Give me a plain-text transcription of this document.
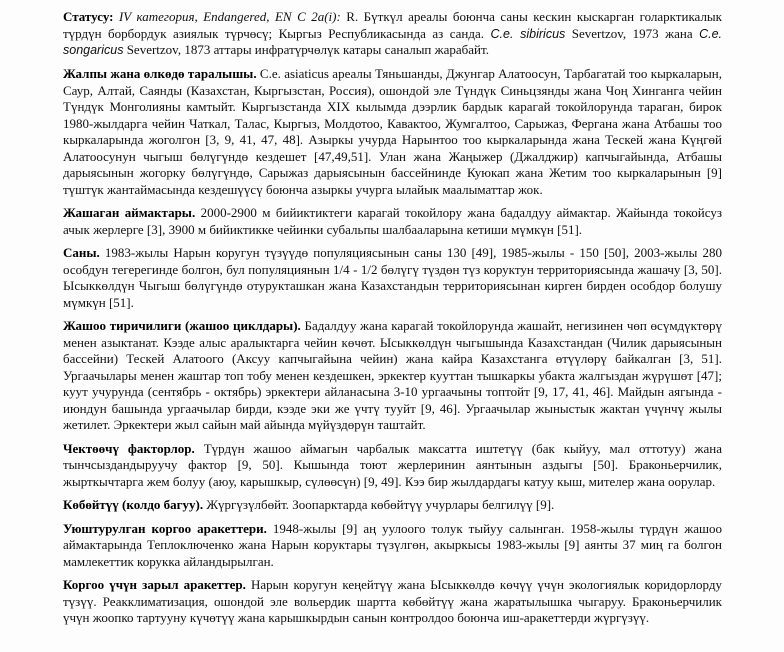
Статусу: IV категория, Endangered, EN C 2a(i): R. Бүткүл ареалы боюнча саны кескин кыскарган голарктикалык түрдүн борбордук азиялык түрчөсү; Кыргыз Республикасында аз санда. C.e. sibiricus Severtzov, 1973 жана C.e. songaricus Severtzov, 1873 аттары инфратүрчөлүк катары саналып жарабайт.

Жалпы жана өлкөдө таралышы. C.e. asiaticus ареалы Тяньшанды, Джунгар Алатоосун, Тарбагатай тоо кыркаларын, Саур, Алтай, Саянды (Казахстан, Кыргызстан, Россия), ошондой эле Түндүк Синьцзянды жана Чоң Хинганга чейин Түндүк Монголияны камтыйт. Кыргызстанда XIX кылымда дээрлик бардык карагай токойлорунда тараган, бирок 1980-жылдарга чейин Чаткал, Талас, Кыргыз, Молдотоо, Кавактоо, Жумгалтоо, Сарыжаз, Фергана жана Атбашы тоо кыркаларында жоголгон [3, 9, 41, 47, 48]. Азыркы учурда Нарынтоо тоо кыркаларында жана Тескей жана Күңгөй Алатоосунун чыгыш бөлүгүндө кездешет [47,49,51]. Улан жана Жаңыжер (Джалджир) капчыгайында, Атбашы дарыясынын жогорку бөлүгүндө, Сарыжаз дарыясынын бассейнинде Куюкап жана Жетим тоо кыркаларынын [9] түштүк жантаймасында кездешүүсү боюнча азыркы учурга ылайык маалыматтар жок.

Жашаган аймактары. 2000-2900 м бийиктиктеги карагай токойлору жана бадалдуу аймактар. Жайында токойсуз ачык жерлерге [3], 3900 м бийиктикке чейинки субальпы шалбааларына кетиши мүмкүн [51].

Саны. 1983-жылы Нарын коругун түзүүдө популяциясынын саны 130 [49], 1985-жылы - 150 [50], 2003-жылы 280 особдун тегерегинде болгон, бул популяциянын 1/4 - 1/2 бөлүгү түздөн түз коруктун территориясында жашачу [3, 50]. Ысыккөлдүн Чыгыш бөлүгүндө отурукташкан жана Казахстандын территориясынан кирген бирден особдор болушу мүмкүн [51].

Жашоо тиричилиги (жашоо циклдары). Бадалдуу жана карагай токойлорунда жашайт, негизинен чөп өсүмдүктөрү менен азыктанат. Кээде алыс аралыктарга чейин көчөт. Ысыккөлдүн чыгышында Казахстандан (Чилик дарыясынын бассейни) Тескей Алатоого (Аксуу капчыгайына чейин) жана кайра Казахстанга өтүүлөрү байкалган [3, 51]. Ургаачылары менен жаштар топ тобу менен кездешкен, эркектер кууттан тышкаркы убакта жалгыздан жүрүшөт [47]; куут учурунда (сентябрь - октябрь) эркектери айланасына 3-10 ургаачыны топтойт [9, 17, 41, 46]. Майдын аягында - июндун башында ургаачылар бирди, кээде эки же үчтү тууйт [9, 46]. Ургаачылар жыныстык жактан үчүнчү жылы жетилет. Эркектери жыл сайын май айында мүйүздөрүн таштайт.

Чектөөчү факторлор. Түрдүн жашоо аймагын чарбалык максатта иштетүү (бак кыйуу, мал оттотуу) жана тынчсыздандыруучу фактор [9, 50]. Кышында тоют жерлеринин аянтынын аздыгы [50]. Браконьерчилик, жырткычтарга жем болуу (аюу, карышкыр, сүлөөсүн) [9, 49]. Кээ бир жылдардагы катуу кыш, мителер жана оорулар.

Көбөйтүү (колдо багуу). Жүргүзүлбөйт. Зоопарктарда көбөйтүү учурлары белгилүү [9].

Уюштурулган коргоо аракеттери. 1948-жылы [9] аң уулоого толук тыйуу салынган. 1958-жылы түрдүн жашоо аймактарында Теплоключенко жана Нарын коруктары түзүлгөн, акыркысы 1983-жылы [9] аянты 37 миң га болгон мамлекеттик корукка айландырылган.

Коргоо үчүн зарыл аракеттер. Нарын коругун кеңейтүү жана Ысыккөлдө көчүү үчүн экологиялык коридорлорду түзүү. Реакклиматизация, ошондой эле вольердик шартта көбөйтүү жана жаратылышка чыгаруу. Браконьерчилик үчүн жоопко тартууну күчөтүү жана карышкырдын санын контролдоо боюнча иш-аракеттерди жүргүзүү.
